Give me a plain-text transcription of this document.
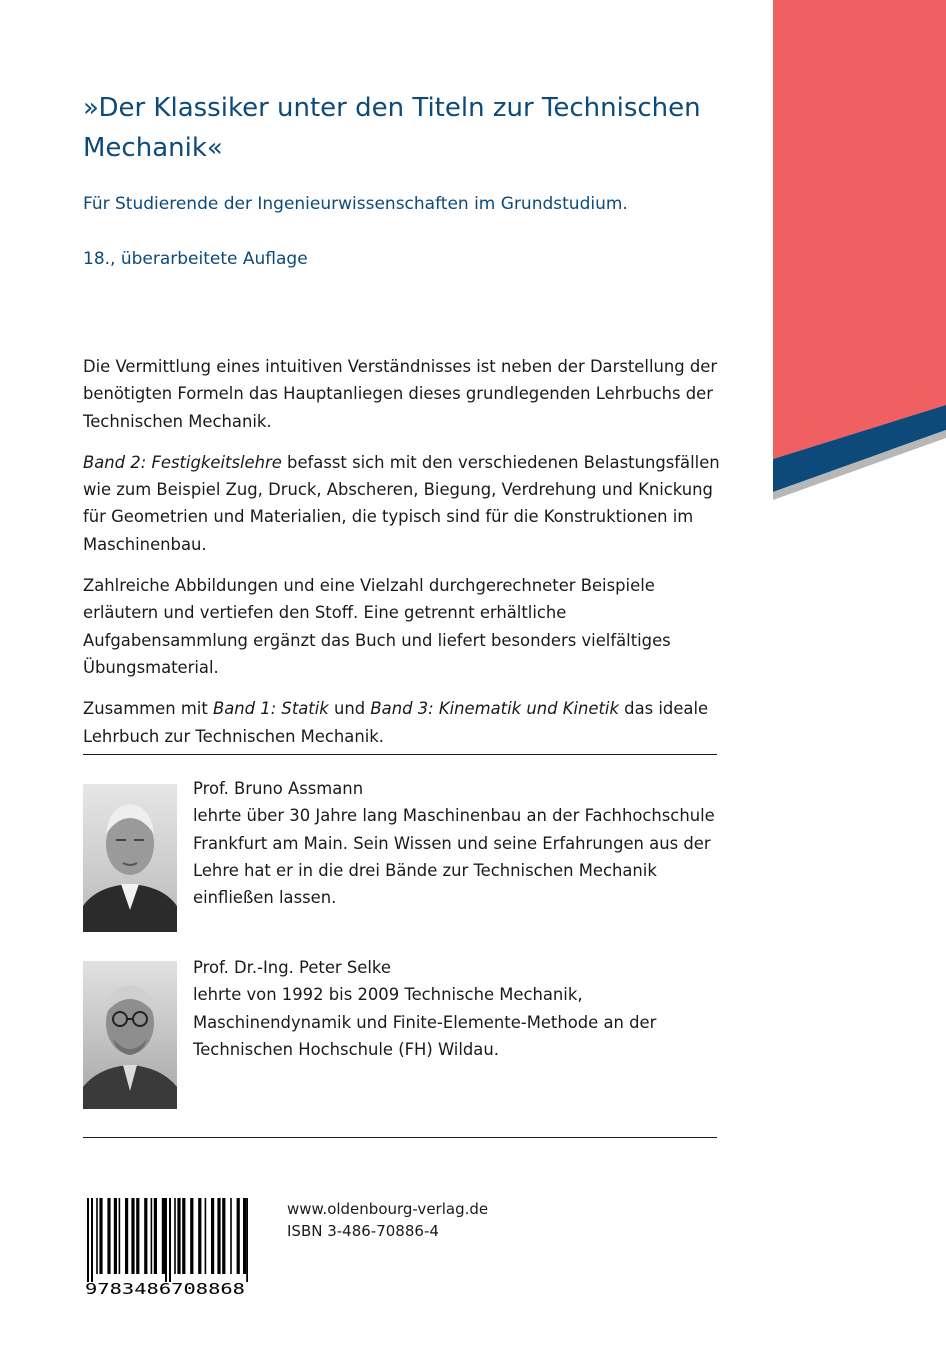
»Der Klassiker unter den Titeln zur Technischen Mechanik«
Für Studierende der Ingenieurwissenschaften im Grundstudium.
18., überarbeitete Auflage

Die Vermittlung eines intuitiven Verständnisses ist neben der Darstellung der benötigten Formeln das Hauptanliegen dieses grundlegenden Lehrbuchs der Technischen Mechanik.

Band 2: Festigkeitslehre befasst sich mit den verschiedenen Belastungsfällen wie zum Beispiel Zug, Druck, Abscheren, Biegung, Verdrehung und Knickung für Geometrien und Materialien, die typisch sind für die Konstruktionen im Maschinenbau.

Zahlreiche Abbildungen und eine Vielzahl durchgerechneter Beispiele erläutern und vertiefen den Stoff. Eine getrennt erhältliche Aufgabensammlung ergänzt das Buch und liefert besonders vielfältiges Übungsmaterial.

Zusammen mit Band 1: Statik und Band 3: Kinematik und Kinetik das ideale Lehrbuch zur Technischen Mechanik.

Prof. Bruno Assmann
lehrte über 30 Jahre lang Maschinenbau an der Fachhochschule
Frankfurt am Main. Sein Wissen und seine Erfahrungen aus der
Lehre hat er in die drei Bände zur Technischen Mechanik
einfließen lassen.
Prof. Dr.-Ing. Peter Selke
lehrte von 1992 bis 2009 Technische Mechanik,
Maschinendynamik und Finite-Elemente-Methode an der
Technischen Hochschule (FH) Wildau.
9783486708868
www.oldenbourg-verlag.de
ISBN 3-486-70886-4
